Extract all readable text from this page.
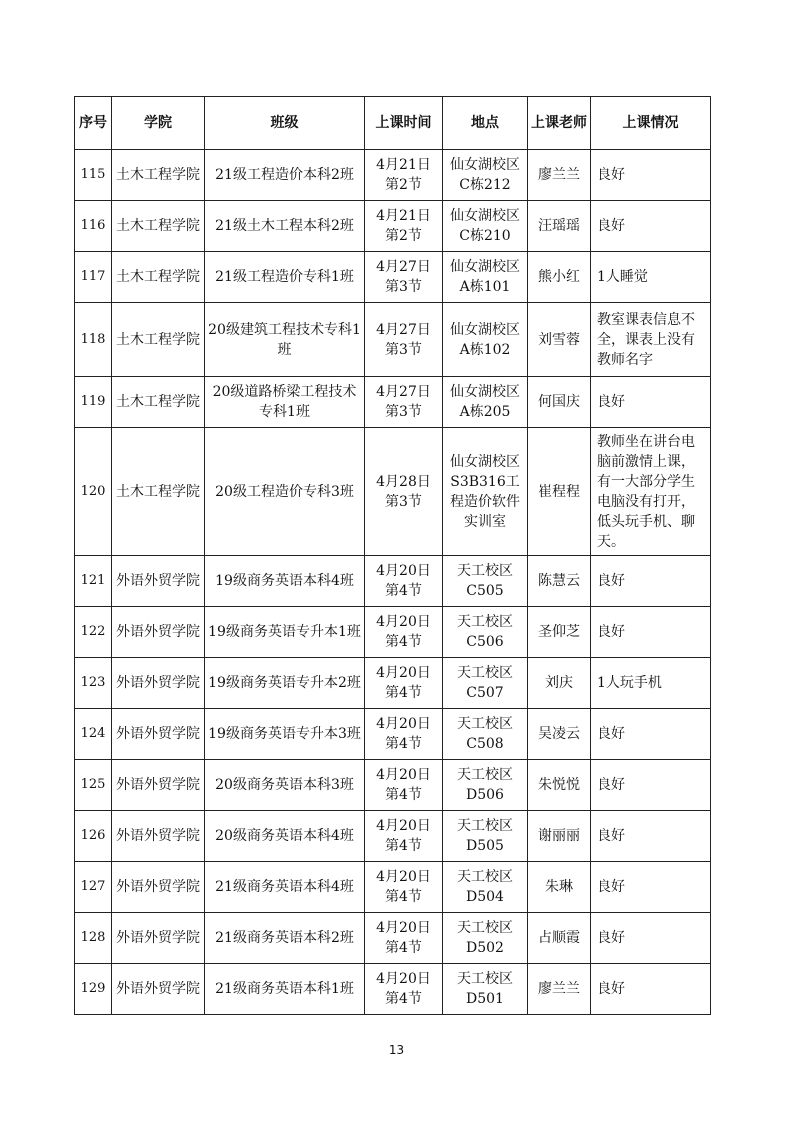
序号	学院	班级	上课时间	地点	上课老师	上课情况
115	土木工程学院	21级工程造价本科2班	4月21日 第2节	仙女湖校区 C栋212	廖兰兰	良好
116	土木工程学院	21级土木工程本科2班	4月21日 第2节	仙女湖校区 C栋210	汪瑶瑶	良好
117	土木工程学院	21级工程造价专科1班	4月27日 第3节	仙女湖校区 A栋101	熊小红	1人睡觉
118	土木工程学院	20级建筑工程技术专科1班	4月27日 第3节	仙女湖校区 A栋102	刘雪蓉	教室课表信息不全，课表上没有教师名字
119	土木工程学院	20级道路桥梁工程技术专科1班	4月27日 第3节	仙女湖校区 A栋205	何国庆	良好
120	土木工程学院	20级工程造价专科3班	4月28日 第3节	仙女湖校区 S3B316工程造价软件实训室	崔程程	教师坐在讲台电脑前激情上课，有一大部分学生电脑没有打开，低头玩手机、聊天。
121	外语外贸学院	19级商务英语本科4班	4月20日 第4节	天工校区 C505	陈慧云	良好
122	外语外贸学院	19级商务英语专升本1班	4月20日 第4节	天工校区 C506	圣仰芝	良好
123	外语外贸学院	19级商务英语专升本2班	4月20日 第4节	天工校区 C507	刘庆	1人玩手机
124	外语外贸学院	19级商务英语专升本3班	4月20日 第4节	天工校区 C508	吴凌云	良好
125	外语外贸学院	20级商务英语本科3班	4月20日 第4节	天工校区 D506	朱悦悦	良好
126	外语外贸学院	20级商务英语本科4班	4月20日 第4节	天工校区 D505	谢丽丽	良好
127	外语外贸学院	21级商务英语本科4班	4月20日 第4节	天工校区 D504	朱琳	良好
128	外语外贸学院	21级商务英语本科2班	4月20日 第4节	天工校区 D502	占顺霞	良好
129	外语外贸学院	21级商务英语本科1班	4月20日 第4节	天工校区 D501	廖兰兰	良好
13
